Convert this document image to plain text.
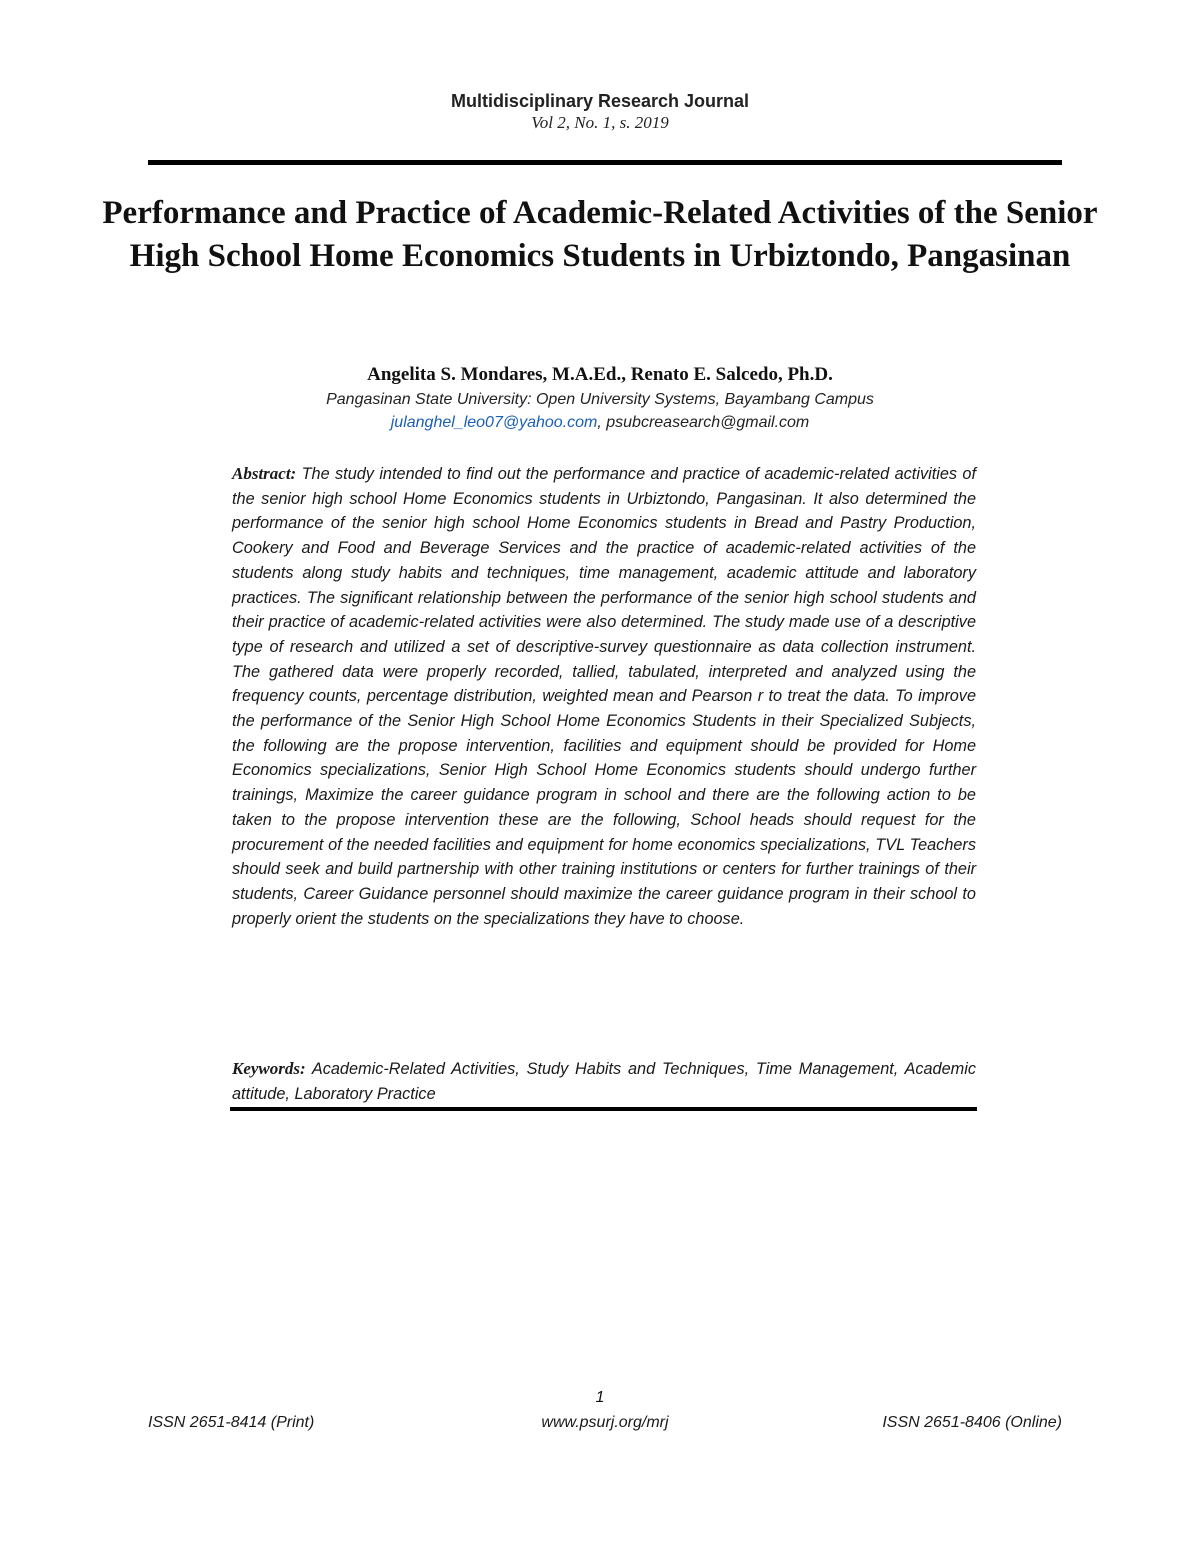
Multidisciplinary Research Journal
Vol 2, No. 1, s. 2019
Performance and Practice of Academic-Related Activities of the Senior High School Home Economics Students in Urbiztondo, Pangasinan
Angelita S. Mondares, M.A.Ed., Renato E. Salcedo, Ph.D.
Pangasinan State University: Open University Systems, Bayambang Campus
julanghel_leo07@yahoo.com, psubcreasearch@gmail.com

Abstract: The study intended to find out the performance and practice of academic-related activities of the senior high school Home Economics students in Urbiztondo, Pangasinan. It also determined the performance of the senior high school Home Economics students in Bread and Pastry Production, Cookery and Food and Beverage Services and the practice of academic-related activities of the students along study habits and techniques, time management, academic attitude and laboratory practices. The significant relationship between the performance of the senior high school students and their practice of academic-related activities were also determined. The study made use of a descriptive type of research and utilized a set of descriptive-survey questionnaire as data collection instrument. The gathered data were properly recorded, tallied, tabulated, interpreted and analyzed using the frequency counts, percentage distribution, weighted mean and Pearson r to treat the data. To improve the performance of the Senior High School Home Economics Students in their Specialized Subjects, the following are the propose intervention, facilities and equipment should be provided for Home Economics specializations, Senior High School Home Economics students should undergo further trainings, Maximize the career guidance program in school and there are the following action to be taken to the propose intervention these are the following, School heads should request for the procurement of the needed facilities and equipment for home economics specializations, TVL Teachers should seek and build partnership with other training institutions or centers for further trainings of their students, Career Guidance personnel should maximize the career guidance program in their school to properly orient the students on the specializations they have to choose.

Keywords: Academic-Related Activities, Study Habits and Techniques, Time Management, Academic attitude, Laboratory Practice

1
ISSN 2651-8414 (Print)	www.psurj.org/mrj	ISSN 2651-8406 (Online)
